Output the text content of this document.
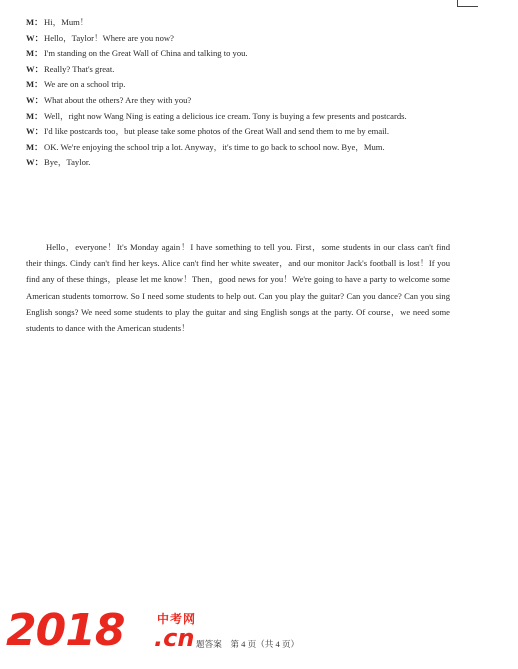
M： Hi，Mum！
W： Hello，Taylor！Where are you now?
M： I'm standing on the Great Wall of China and talking to you.
W： Really? That's great.
M： We are on a school trip.
W： What about the others? Are they with you?
M： Well，right now Wang Ning is eating a delicious ice cream. Tony is buying a few presents and postcards.
W： I'd like postcards too，but please take some photos of the Great Wall and send them to me by email.
M： OK. We're enjoying the school trip a lot. Anyway，it's time to go back to school now. Bye，Mum.
W： Bye，Taylor.

Hello，everyone！It's Monday again！I have something to tell you. First，some students in our class can't find their things. Cindy can't find her keys. Alice can't find her white sweater，and our monitor Jack's football is lost！If you find any of these things，please let me know！Then，good news for you！We're going to have a party to welcome some American students tomorrow. So I need some students to help out. Can you play the guitar? Can you dance? Can you sing English songs? We need some students to play the guitar and sing English songs at the party. Of course，we need some students to dance with the American students！

2018	中考网
.cn 题答案　第 4 页（共 4 页）
